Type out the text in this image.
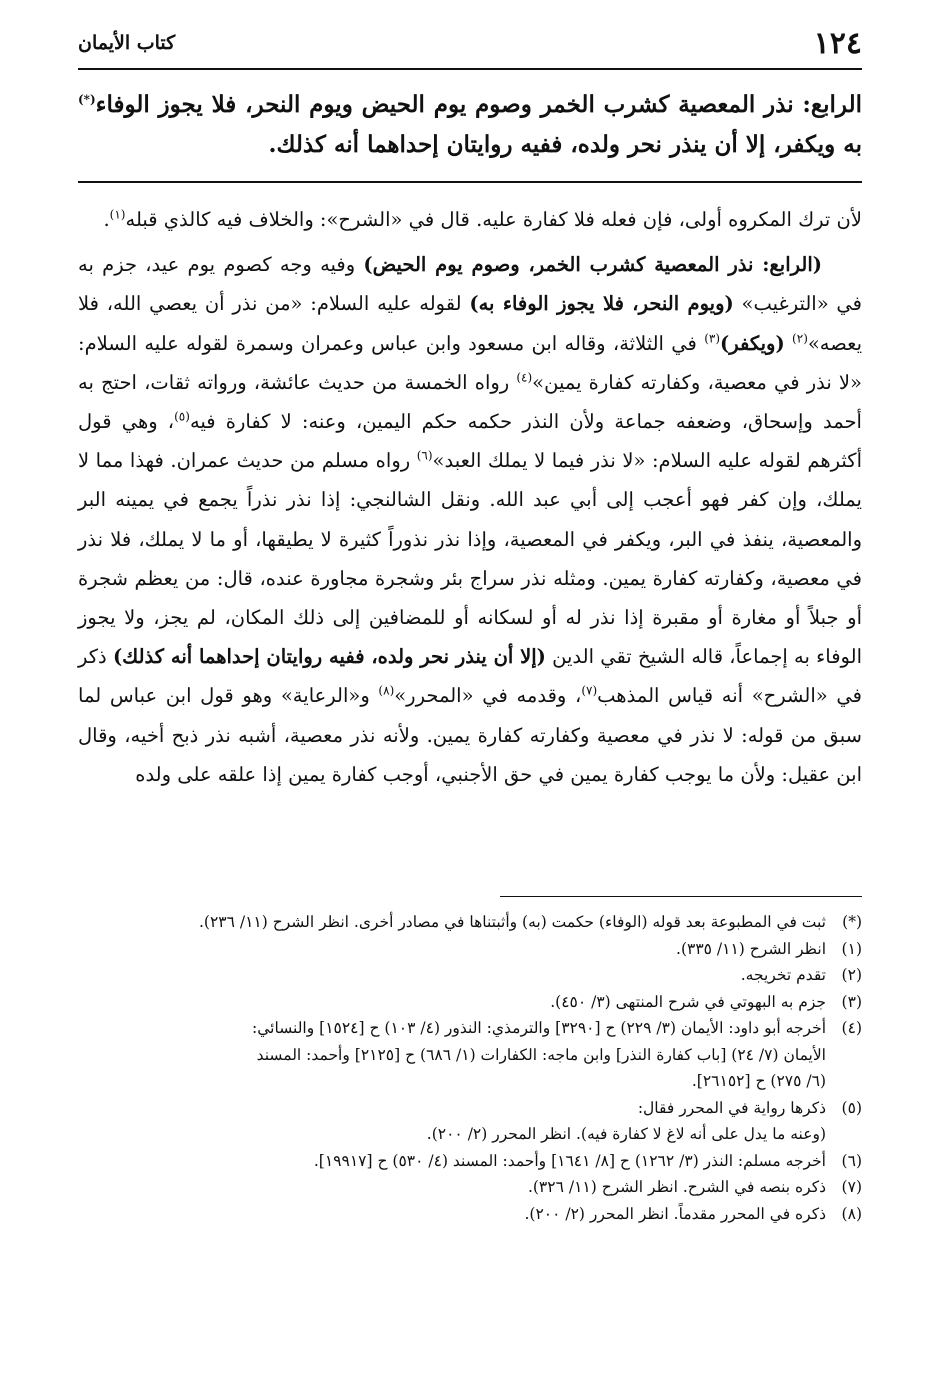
١٢٤
كتاب الأيمان
الرابع: نذر المعصية كشرب الخمر وصوم يوم الحيض ويوم النحر، فلا يجوز الوفاء(*) به ويكفر، إلا أن ينذر نحر ولده، ففيه روايتان إحداهما أنه كذلك.

لأن ترك المكروه أولى، فإن فعله فلا كفارة عليه. قال في «الشرح»: والخلاف فيه كالذي قبله$^{(١)}$.

(الرابع: نذر المعصية كشرب الخمر، وصوم يوم الحيض) وفيه وجه كصوم يوم عيد، جزم به في «الترغيب» (ويوم النحر، فلا يجوز الوفاء به) لقوله عليه السلام: «من نذر أن يعصي الله، فلا يعصه»$^{(٢)}$ (ويكفر)$^{(٣)}$ في الثلاثة، وقاله ابن مسعود وابن عباس وعمران وسمرة لقوله عليه السلام: «لا نذر في معصية، وكفارته كفارة يمين»$^{(٤)}$ رواه الخمسة من حديث عائشة، ورواته ثقات، احتج به أحمد وإسحاق، وضعفه جماعة ولأن النذر حكمه حكم اليمين، وعنه: لا كفارة فيه$^{(٥)}$، وهي قول أكثرهم لقوله عليه السلام: «لا نذر فيما لا يملك العبد»$^{(٦)}$ رواه مسلم من حديث عمران. فهذا مما لا يملك، وإن كفر فهو أعجب إلى أبي عبد الله. ونقل الشالنجي: إذا نذر نذراً يجمع في يمينه البر والمعصية، ينفذ في البر، ويكفر في المعصية، وإذا نذر نذوراً كثيرة لا يطيقها، أو ما لا يملك، فلا نذر في معصية، وكفارته كفارة يمين. ومثله نذر سراج بئر وشجرة مجاورة عنده، قال: من يعظم شجرة أو جبلاً أو مغارة أو مقبرة إذا نذر له أو لسكانه أو للمضافين إلى ذلك المكان، لم يجز، ولا يجوز الوفاء به إجماعاً، قاله الشيخ تقي الدين (إلا أن ينذر نحر ولده، ففيه روايتان إحداهما أنه كذلك) ذكر في «الشرح» أنه قياس المذهب$^{(٧)}$، وقدمه في «المحرر»$^{(٨)}$ و«الرعاية» وهو قول ابن عباس لما سبق من قوله: لا نذر في معصية وكفارته كفارة يمين. ولأنه نذر معصية، أشبه نذر ذبح أخيه، وقال ابن عقيل: ولأن ما يوجب كفارة يمين في حق الأجنبي، أوجب كفارة يمين إذا علقه على ولده

(*)
ثبت في المطبوعة بعد قوله (الوفاء) حكمت (به) وأثبتناها في مصادر أخرى. انظر الشرح (١١/ ٢٣٦).
(١)
انظر الشرح (١١/ ٣٣٥).
(٢)
تقدم تخريجه.
(٣)
جزم به البهوتي في شرح المنتهى (٣/ ٤٥٠).
(٤)
أخرجه أبو داود: الأيمان (٣/ ٢٢٩) ح [٣٢٩٠] والترمذي: النذور (٤/ ١٠٣) ح [١٥٢٤] والنسائي:
الأيمان (٧/ ٢٤) [باب كفارة النذر] وابن ماجه: الكفارات (١/ ٦٨٦) ح [٢١٢٥] وأحمد: المسند
(٦/ ٢٧٥) ح [٢٦١٥٢].
(٥)
ذكرها رواية في المحرر فقال:
(وعنه ما يدل على أنه لاغ لا كفارة فيه). انظر المحرر (٢/ ٢٠٠).
(٦)
أخرجه مسلم: النذر (٣/ ١٢٦٢) ح [٨/ ١٦٤١] وأحمد: المسند (٤/ ٥٣٠) ح [١٩٩١٧].
(٧)
ذكره بنصه في الشرح. انظر الشرح (١١/ ٣٢٦).
(٨)
ذكره في المحرر مقدماً. انظر المحرر (٢/ ٢٠٠).
